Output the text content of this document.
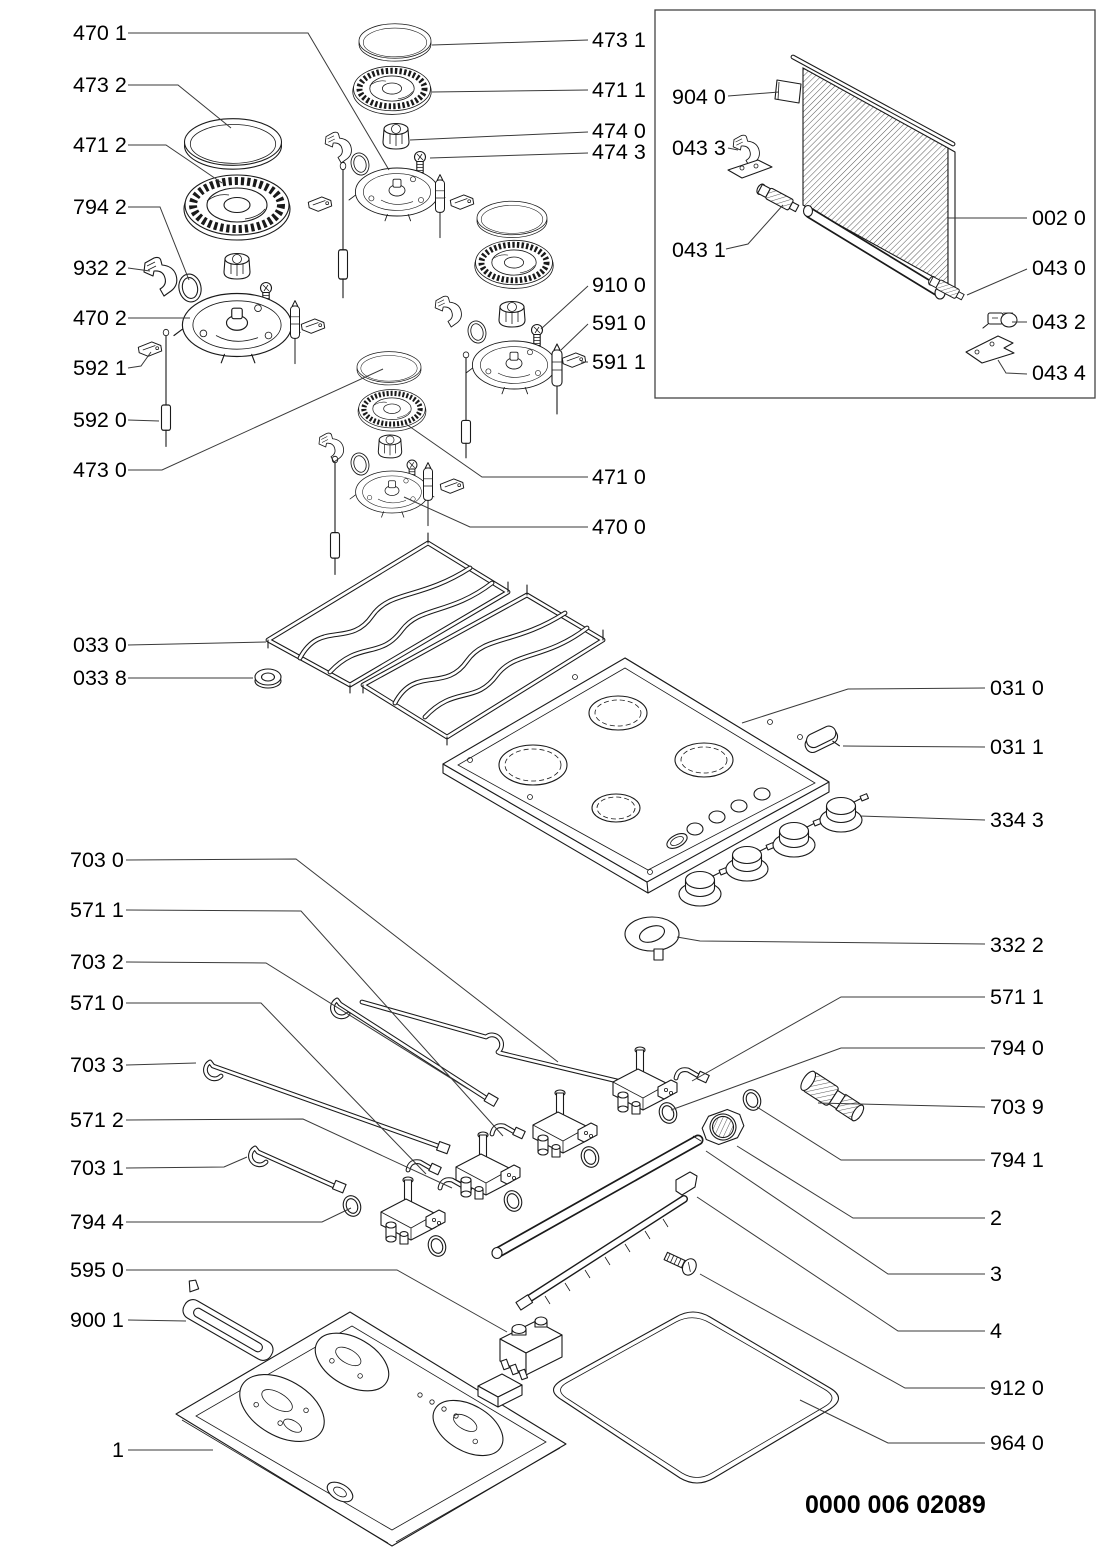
470 1
473 2
471 2
794 2
932 2
470 2
592 1
592 0
473 0
033 0
033 8
703 0
571 1
703 2
571 0
703 3
571 2
703 1
794 4
595 0
900 1
1
473 1
471 1
474 0
474 3
910 0
591 0
591 1
471 0
470 0
031 0
031 1
334 3
332 2
571 1
794 0
703 9
794 1
2
3
4
912 0
964 0
904 0
043 3
043 1
002 0
043 0
043 2
043 4
0000 006 02089
